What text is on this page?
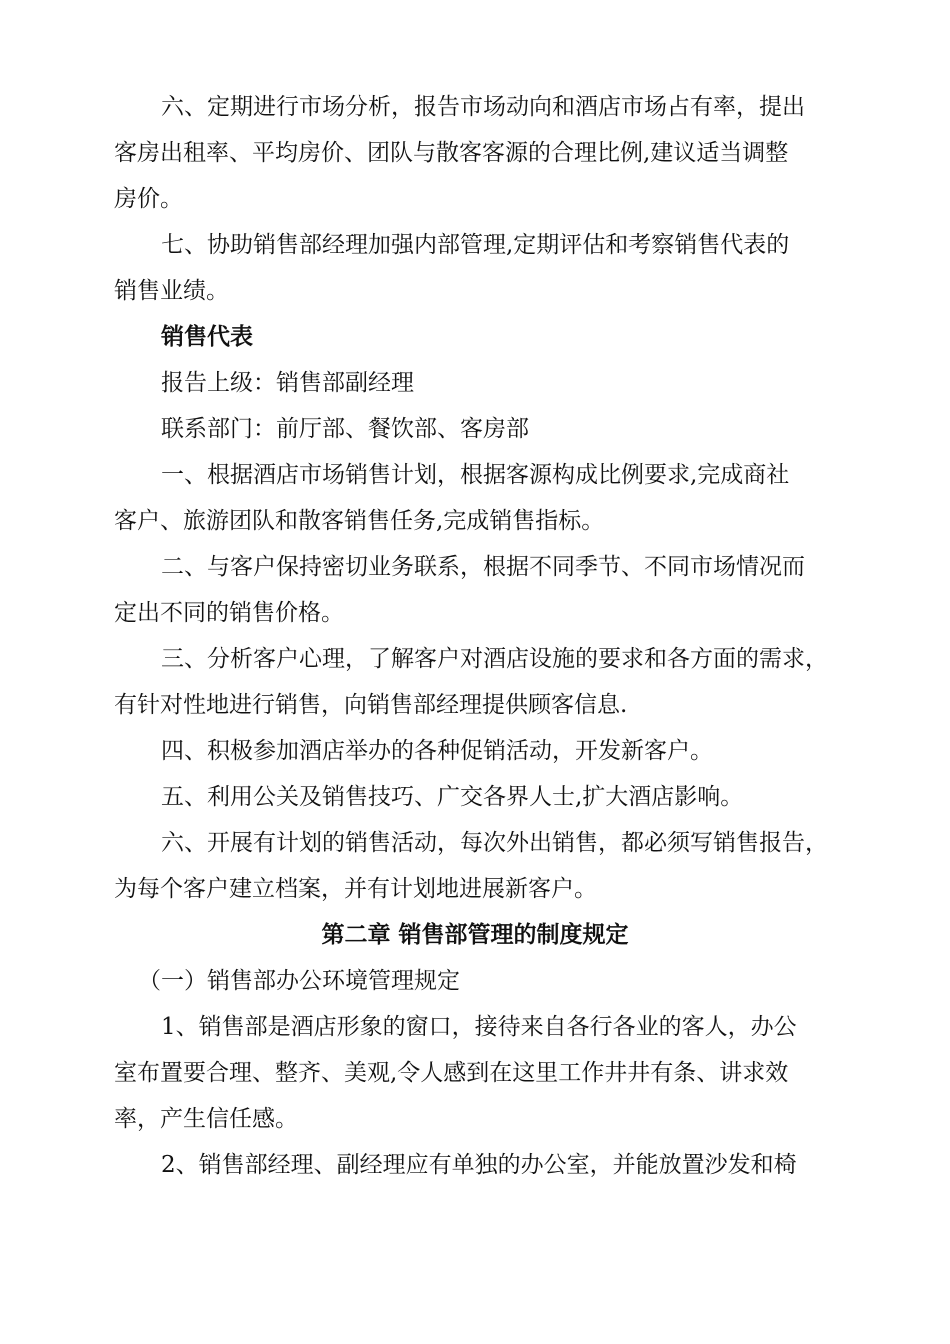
六、定期进行市场分析，报告市场动向和酒店市场占有率，提出
客房出租率、平均房价、团队与散客客源的合理比例,建议适当调整
房价。
七、协助销售部经理加强内部管理,定期评估和考察销售代表的
销售业绩。
销售代表
报告上级：销售部副经理
联系部门：前厅部、餐饮部、客房部
一、根据酒店市场销售计划，根据客源构成比例要求,完成商社
客户、旅游团队和散客销售任务,完成销售指标。
二、与客户保持密切业务联系，根据不同季节、不同市场情况而
定出不同的销售价格。
三、分析客户心理，了解客户对酒店设施的要求和各方面的需求，
有针对性地进行销售，向销售部经理提供顾客信息.
四、积极参加酒店举办的各种促销活动，开发新客户。
五、利用公关及销售技巧、广交各界人士,扩大酒店影响。
六、开展有计划的销售活动，每次外出销售，都必须写销售报告，
为每个客户建立档案，并有计划地进展新客户。
第二章 销售部管理的制度规定
（一）销售部办公环境管理规定
1、销售部是酒店形象的窗口，接待来自各行各业的客人，办公
室布置要合理、整齐、美观,令人感到在这里工作井井有条、讲求效
率，产生信任感。
2、销售部经理、副经理应有单独的办公室，并能放置沙发和椅
